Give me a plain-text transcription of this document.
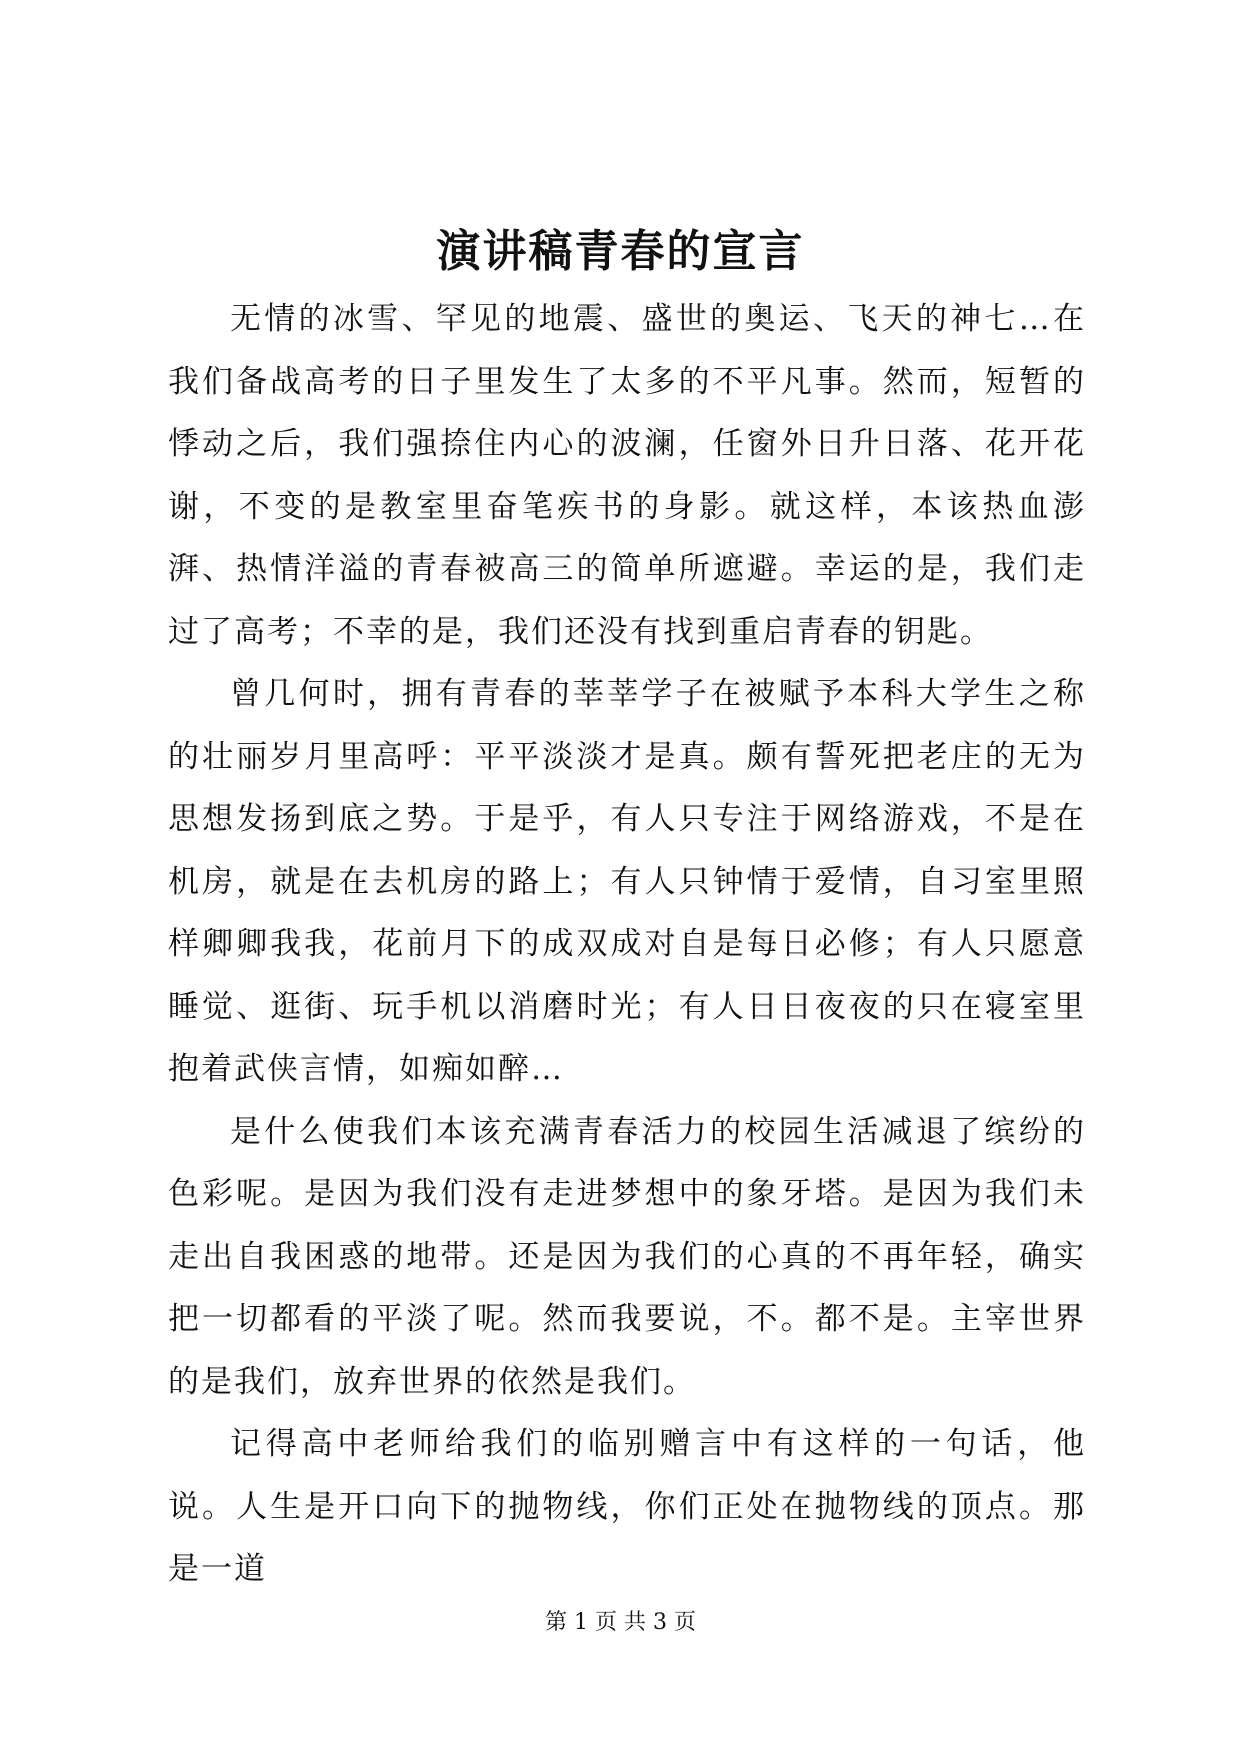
演讲稿青春的宣言

无情的冰雪、罕见的地震、盛世的奥运、飞天的神七…在我们备战高考的日子里发生了太多的不平凡事。然而，短暂的悸动之后，我们强捺住内心的波澜，任窗外日升日落、花开花谢，不变的是教室里奋笔疾书的身影。就这样，本该热血澎湃、热情洋溢的青春被高三的简单所遮避。幸运的是，我们走过了高考；不幸的是，我们还没有找到重启青春的钥匙。

曾几何时，拥有青春的莘莘学子在被赋予本科大学生之称的壮丽岁月里高呼：平平淡淡才是真。颇有誓死把老庄的无为思想发扬到底之势。于是乎，有人只专注于网络游戏，不是在机房，就是在去机房的路上；有人只钟情于爱情，自习室里照样卿卿我我，花前月下的成双成对自是每日必修；有人只愿意睡觉、逛街、玩手机以消磨时光；有人日日夜夜的只在寝室里抱着武侠言情，如痴如醉…

是什么使我们本该充满青春活力的校园生活减退了缤纷的色彩呢。是因为我们没有走进梦想中的象牙塔。是因为我们未走出自我困惑的地带。还是因为我们的心真的不再年轻，确实把一切都看的平淡了呢。然而我要说，不。都不是。主宰世界的是我们，放弃世界的依然是我们。

记得高中老师给我们的临别赠言中有这样的一句话，他说。人生是开口向下的抛物线，你们正处在抛物线的顶点。那是一道

第 1 页 共 3 页
